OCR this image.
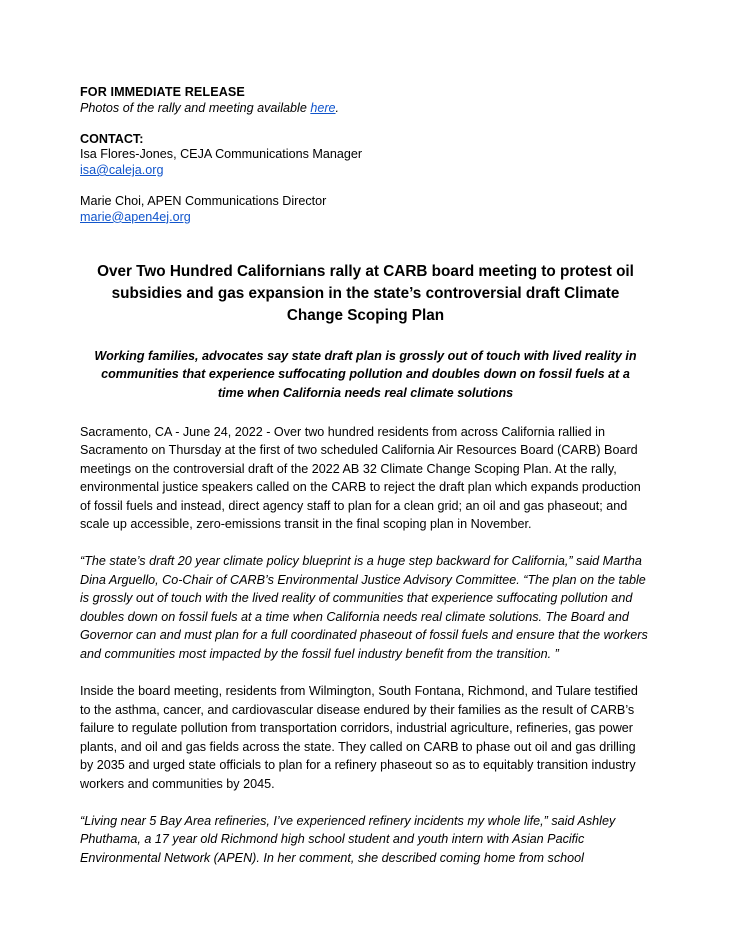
FOR IMMEDIATE RELEASE
Photos of the rally and meeting available here.
CONTACT:
Isa Flores-Jones, CEJA Communications Manager
isa@caleja.org
Marie Choi, APEN Communications Director
marie@apen4ej.org
Over Two Hundred Californians rally at CARB board meeting to protest oil subsidies and gas expansion in the state’s controversial draft Climate Change Scoping Plan

Working families, advocates say state draft plan is grossly out of touch with lived reality in communities that experience suffocating pollution and doubles down on fossil fuels at a time when California needs real climate solutions

Sacramento, CA - June 24, 2022 - Over two hundred residents from across California rallied in Sacramento on Thursday at the first of two scheduled California Air Resources Board (CARB) Board meetings on the controversial draft of the 2022 AB 32 Climate Change Scoping Plan. At the rally, environmental justice speakers called on the CARB to reject the draft plan which expands production of fossil fuels and instead, direct agency staff to plan for a clean grid; an oil and gas phaseout; and scale up accessible, zero-emissions transit in the final scoping plan in November.

“The state’s draft 20 year climate policy blueprint is a huge step backward for California,” said Martha Dina Arguello, Co-Chair of CARB’s Environmental Justice Advisory Committee. “The plan on the table is grossly out of touch with the lived reality of communities that experience suffocating pollution and doubles down on fossil fuels at a time when California needs real climate solutions. The Board and Governor can and must plan for a full coordinated phaseout of fossil fuels and ensure that the workers and communities most impacted by the fossil fuel industry benefit from the transition. ”

Inside the board meeting, residents from Wilmington, South Fontana, Richmond, and Tulare testified to the asthma, cancer, and cardiovascular disease endured by their families as the result of CARB’s failure to regulate pollution from transportation corridors, industrial agriculture, refineries, gas power plants, and oil and gas fields across the state. They called on CARB to phase out oil and gas drilling by 2035 and urged state officials to plan for a refinery phaseout so as to equitably transition industry workers and communities by 2045.

“Living near 5 Bay Area refineries, I’ve experienced refinery incidents my whole life,” said Ashley Phuthama, a 17 year old Richmond high school student and youth intern with Asian Pacific Environmental Network (APEN). In her comment, she described coming home from school
